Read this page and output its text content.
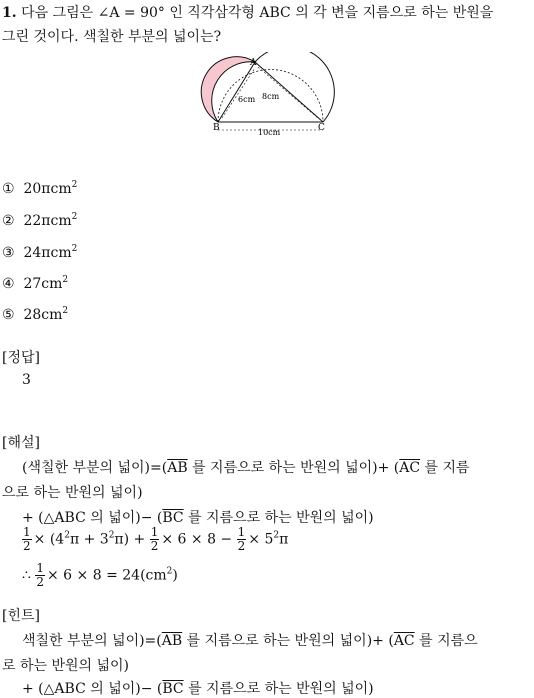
1. 다음 그림은 ∠A = 90° 인 직각삼각형 ABC 의 각 변을 지름으로 하는 반원을
그린 것이다. 색칠한 부분의 넓이는?
A
B	C
6cm 8cm
10cm
① 20πcm$^2$
② 22πcm$^2$
③ 24πcm$^2$
④ $27cm^2$
⑤ $28cm^2$
[정답]
3
[해설]
(색칠한 부분의 넓이)$=(\overline{AB}$ 를 지름으로 하는 반원의 넓이)+ ($\overline{AC}$ 를 지름
으로 하는 반원의 넓이)
+ (△ABC 의 넓이)− ($\overline{BC}$ 를 지름으로 하는 반원의 넓이)
$\frac{1}{2} \times (4^2\pi + 3^2\pi) + \frac{1}{2} \times 6 \times 8 - \frac{1}{2} \times 5^2\pi$
∴ $\frac{1}{2} \times 6 \times 8 = 24(cm^2)$
[힌트]
색칠한 부분의 넓이)$=(\overline{AB}$ 를 지름으로 하는 반원의 넓이)+ ($\overline{AC}$ 를 지름으
로 하는 반원의 넓이)
+ (△ABC 의 넓이)− ($\overline{BC}$ 를 지름으로 하는 반원의 넓이)
